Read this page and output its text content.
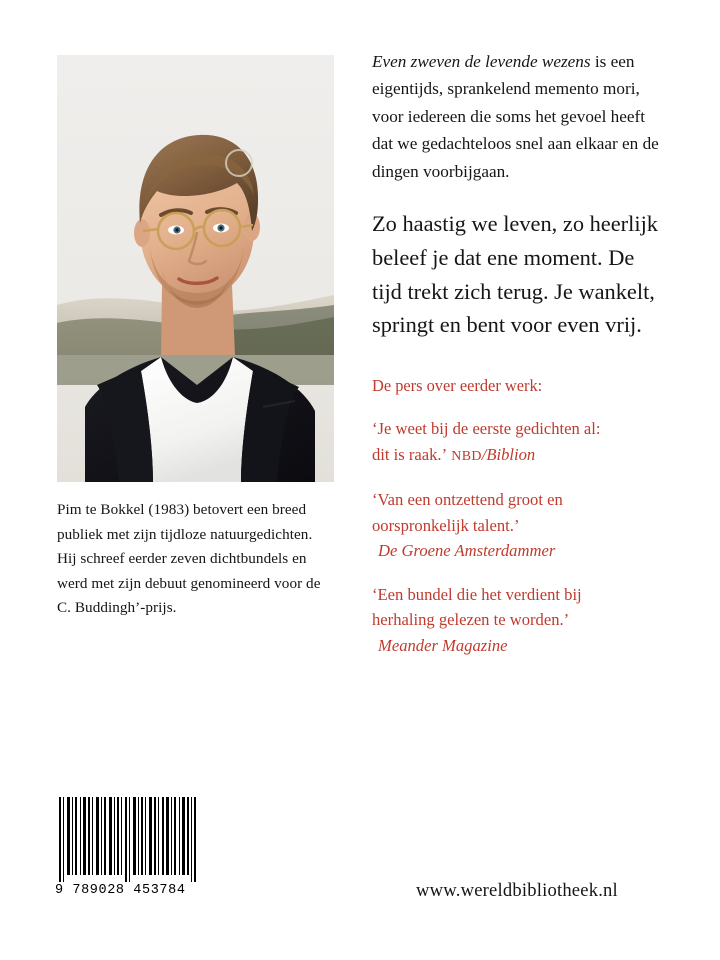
Pim te Bokkel (1983) betovert een breed publiek met zijn tijdloze natuurgedichten. Hij schreef eerder zeven dichtbundels en werd met zijn debuut genomineerd voor de C. Buddingh’-prijs.

Even zweven de levende wezens is een eigentijds, sprankelend memento mori, voor iedereen die soms het gevoel heeft dat we gedachteloos snel aan elkaar en de dingen voorbijgaan.

Zo haastig we leven, zo heerlijk beleef je dat ene moment. De tijd trekt zich terug. Je wankelt, springt en bent voor even vrij.

De pers over eerder werk:

‘Je weet bij de eerste gedichten al:
dit is raak.’ NBD/Biblion

‘Van een ontzettend groot en
oorspronkelijk talent.’
De Groene Amsterdammer

‘Een bundel die het verdient bij
herhaling gelezen te worden.’
Meander Magazine

9 789028 453784	www.wereldbibliotheek.nl
